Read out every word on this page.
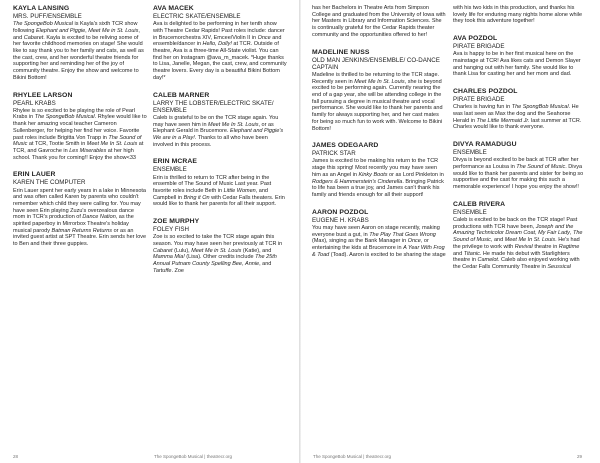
KAYLA LANSING
MRS. PUFF/ENSEMBLE

The SpongeBob Musical is Kayla's sixth TCR show following Elephant and Piggie, Meet Me in St. Louis, and Cabaret. Kayla is excited to be reliving some of her favorite childhood memories on stage! She would like to say thank you to her family and cats, as well as the cast, crew, and her wonderful theatre friends for supporting her and reminding her of the joy of community theatre. Enjoy the show and welcome to Bikini Bottom!

RHYLEE LARSON
PEARL KRABS

Rhylee is so excited to be playing the role of Pearl Krabs in The SpongeBob Musical. Rhylee would like to thank her amazing vocal teacher Cameron Sullenberger, for helping her find her voice. Favorite past roles include Brigitta Von Trapp in The Sound of Music at TCR, Tootie Smith in Meet Me In St. Louis at TCR, and Gavroche in Les Miserables at her high school. Thank you for coming!! Enjoy the show<33

ERIN LAUER
KAREN THE COMPUTER

Erin Lauer spent her early years in a lake in Minnesota and was often called Karen by parents who couldn't remember which child they were calling for. You may have seen Erin playing Zuzu's overzealous dance mom in TCR's production of Dance Nation, as the spirited paperboy in Mirrorbox Theatre's holiday musical parody Batman Returns Returns or as an invited guest artist at SPT Theatre. Erin sends her love to Ben and their three guppies.

AVA MACEK
ELECTRIC SKATE/ENSEMBLE

Ava is delighted to be performing in her tenth show with Theatre Cedar Rapids! Past roles include: dancer in Brucemorchestra XIV, Emcee/Violin II in Once and ensemble/dancer in Hello, Dolly! at TCR. Outside of theatre, Ava is a three-time All-State violist. You can find her on Instagram @ava_m_macek. *Huge thanks to Lisa, Janelle, Megan, the cast, crew, and community theatre lovers. Every day is a beautiful Bikini Bottom day!*

CALEB MARNER
LARRY THE LOBSTER/ELECTRIC SKATE/ ENSEMBLE

Caleb is grateful to be on the TCR stage again. You may have seen him in Meet Me In St. Louis, or as Elephant Gerald in Brucemore. Elephant and Piggie's We are in a Play!. Thanks to all who have been involved in this process.

ERIN MCRAE
ENSEMBLE

Erin is thrilled to return to TCR after being in the ensemble of The Sound of Music Last year. Past favorite roles include Beth in Little Women, and Campbell in Bring it On with Cedar Falls theaters. Erin would like to thank her parents for all their support.

ZOE MURPHY
FOLEY FISH

Zoe is so excited to take the TCR stage again this season. You may have seen her previously at TCR in Cabaret (Lulu), Meet Me in St. Louis (Katie), and Mamma Mia! (Lisa). Other credits include The 25th Annual Putnam County Spelling Bee, Annie, and Tartuffe. Zoe

has her Bachelors in Theatre Arts from Simpson College and graduated from the University of Iowa with her Masters in Library and Information Sciences. She is continually grateful for the Cedar Rapids theater community and the opportunities offered to her!

MADELINE NUSS
OLD MAN JENKINS/ENSEMBLE/ CO-DANCE CAPTAIN

Madeline is thrilled to be returning to the TCR stage. Recently seen in Meet Me In St. Louis, she is beyond excited to be performing again. Currently nearing the end of a gap year, she will be attending college in the fall pursuing a degree in musical theatre and vocal performance. She would like to thank her parents and family for always supporting her, and her cast mates for being so much fun to work with. Welcome to Bikini Bottom!

JAMES ODEGAARD
PATRICK STAR

James is excited to be making his return to the TCR stage this spring! Most recently you may have seen him as an Angel in Kinky Boots or as Lord Pinkleton in Rodgers & Hammerstein's Cinderella. Bringing Patrick to life has been a true joy, and James can't thank his family and friends enough for all their support!

AARON POZDOL
EUGENE H. KRABS

You may have seen Aaron on stage recently, making everyone bust a gut, in The Play That Goes Wrong (Max), singing as the Bank Manager in Once, or entertaining the kids at Brucemore in A Year With Frog & Toad (Toad). Aaron is excited to be sharing the stage

with his two kids in this production, and thanks his lovely life for enduring many nights home alone while they took this adventure together!

AVA POZDOL
PIRATE BRIGADE

Ava is happy to be in her first musical here on the mainstage at TCR! Ava likes cats and Demon Slayer and hanging out with her family. She would like to thank Lisa for casting her and her mom and dad.

CHARLES POZDOL
PIRATE BRIGADE

Charles is having fun in The SpongBob Musical. He was last seen as Max the dog and the Seahorse Herald in The Little Mermaid Jr. last summer at TCR. Charles would like to thank everyone.

DIVYA RAMADUGU
ENSEMBLE

Divya is beyond excited to be back at TCR after her performance as Louisa in The Sound of Music. Divya would like to thank her parents and sister for being so supportive and the cast for making this such a memorable experience! I hope you enjoy the show!!

CALEB RIVERA
ENSEMBLE

Caleb is excited to be back on the TCR stage! Past productions with TCR have been, Joseph and the Amazing Technicolor Dream Coat, My Fair Lady, The Sound of Music, and Meet Me In St. Louis. He's had the privilege to work with Revival theatre in Ragtime and Titanic. He made his debut with Starlighters theatre in Camelot. Caleb also enjoyed working with the Cedar Falls Community Theatre in Seussical

28	The SpongeBob Musical | theatrecr.org	The SpongeBob Musical | theatrecr.org	29
